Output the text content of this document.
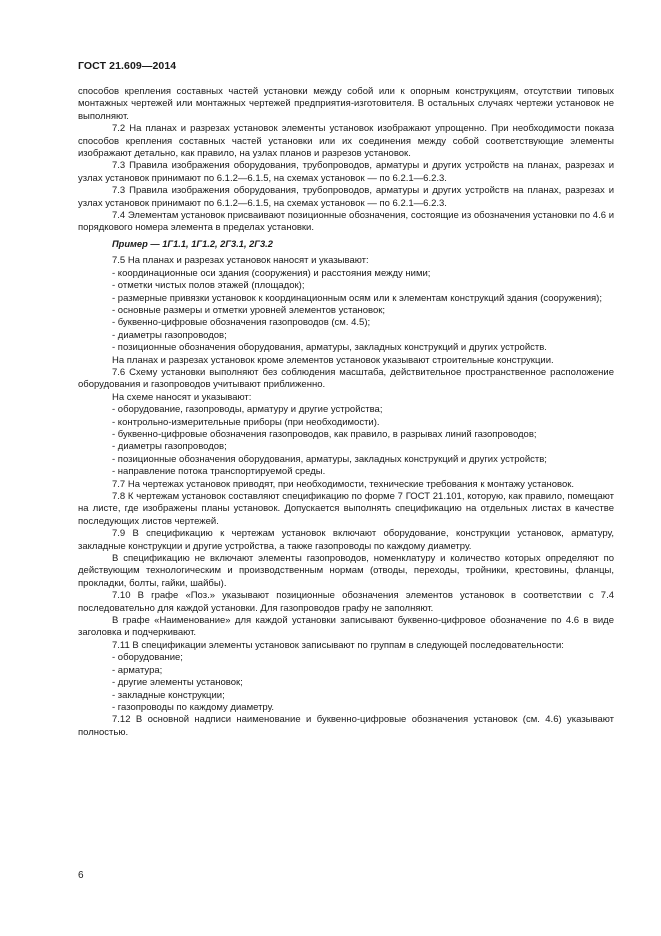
ГОСТ 21.609—2014
способов крепления составных частей установки между собой или к опорным конструкциям, отсутствии типовых монтажных чертежей или монтажных чертежей предприятия-изготовителя. В остальных случаях чертежи установок не выполняют.
7.2 На планах и разрезах установок элементы установок изображают упрощенно. При необходимости показа способов крепления составных частей установки или их соединения между собой соответствующие элементы изображают детально, как правило, на узлах планов и разрезов установок.
7.3 Правила изображения оборудования, трубопроводов, арматуры и других устройств на планах, разрезах и узлах установок принимают по 6.1.2—6.1.5, на схемах установок — по 6.2.1—6.2.3.
7.3 Правила изображения оборудования, трубопроводов, арматуры и других устройств на планах, разрезах и узлах установок принимают по 6.1.2—6.1.5, на схемах установок — по 6.2.1—6.2.3.
7.4 Элементам установок присваивают позиционные обозначения, состоящие из обозначения установки по 4.6 и порядкового номера элемента в пределах установки.
Пример — 1Г1.1, 1Г1.2, 2Г3.1, 2Г3.2
7.5 На планах и разрезах установок наносят и указывают:
- координационные оси здания (сооружения) и расстояния между ними;
- отметки чистых полов этажей (площадок);
- размерные привязки установок к координационным осям или к элементам конструкций здания (сооружения);
- основные размеры и отметки уровней элементов установок;
- буквенно-цифровые обозначения газопроводов (см. 4.5);
- диаметры газопроводов;
- позиционные обозначения оборудования, арматуры, закладных конструкций и других устройств.
На планах и разрезах установок кроме элементов установок указывают строительные конструкции.
7.6 Схему установки выполняют без соблюдения масштаба, действительное пространственное расположение оборудования и газопроводов учитывают приближенно.
На схеме наносят и указывают:
- оборудование, газопроводы, арматуру и другие устройства;
- контрольно-измерительные приборы (при необходимости).
- буквенно-цифровые обозначения газопроводов, как правило, в разрывах линий газопроводов;
- диаметры газопроводов;
- позиционные обозначения оборудования, арматуры, закладных конструкций и других устройств;
- направление потока транспортируемой среды.
7.7 На чертежах установок приводят, при необходимости, технические требования к монтажу установок.
7.8 К чертежам установок составляют спецификацию по форме 7 ГОСТ 21.101, которую, как правило, помещают на листе, где изображены планы установок. Допускается выполнять спецификацию на отдельных листах в качестве последующих листов чертежей.
7.9 В спецификацию к чертежам установок включают оборудование, конструкции установок, арматуру, закладные конструкции и другие устройства, а также газопроводы по каждому диаметру.
В спецификацию не включают элементы газопроводов, номенклатуру и количество которых определяют по действующим технологическим и производственным нормам (отводы, переходы, тройники, крестовины, фланцы, прокладки, болты, гайки, шайбы).
7.10 В графе «Поз.» указывают позиционные обозначения элементов установок в соответствии с 7.4 последовательно для каждой установки. Для газопроводов графу не заполняют.
В графе «Наименование» для каждой установки записывают буквенно-цифровое обозначение по 4.6 в виде заголовка и подчеркивают.
7.11 В спецификации элементы установок записывают по группам в следующей последовательности:
- оборудование;
- арматура;
- другие элементы установок;
- закладные конструкции;
- газопроводы по каждому диаметру.
7.12 В основной надписи наименование и буквенно-цифровые обозначения установок (см. 4.6) указывают полностью.
6
